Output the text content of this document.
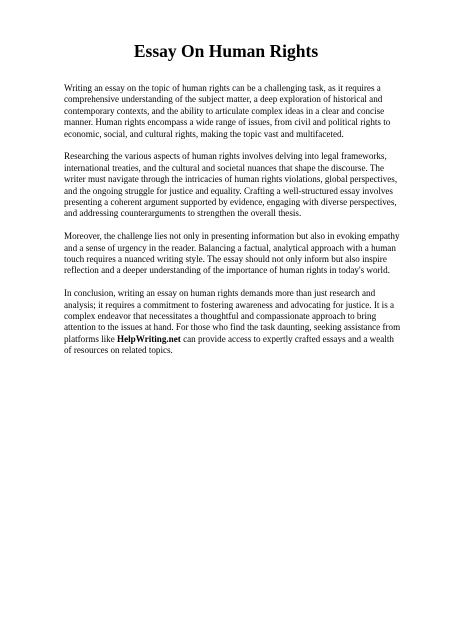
Essay On Human Rights

Writing an essay on the topic of human rights can be a challenging task, as it requires a comprehensive understanding of the subject matter, a deep exploration of historical and contemporary contexts, and the ability to articulate complex ideas in a clear and concise manner. Human rights encompass a wide range of issues, from civil and political rights to economic, social, and cultural rights, making the topic vast and multifaceted.

Researching the various aspects of human rights involves delving into legal frameworks, international treaties, and the cultural and societal nuances that shape the discourse. The writer must navigate through the intricacies of human rights violations, global perspectives, and the ongoing struggle for justice and equality. Crafting a well-structured essay involves presenting a coherent argument supported by evidence, engaging with diverse perspectives, and addressing counterarguments to strengthen the overall thesis.

Moreover, the challenge lies not only in presenting information but also in evoking empathy and a sense of urgency in the reader. Balancing a factual, analytical approach with a human touch requires a nuanced writing style. The essay should not only inform but also inspire reflection and a deeper understanding of the importance of human rights in today's world.

In conclusion, writing an essay on human rights demands more than just research and analysis; it requires a commitment to fostering awareness and advocating for justice. It is a complex endeavor that necessitates a thoughtful and compassionate approach to bring attention to the issues at hand. For those who find the task daunting, seeking assistance from platforms like HelpWriting.net can provide access to expertly crafted essays and a wealth of resources on related topics.
